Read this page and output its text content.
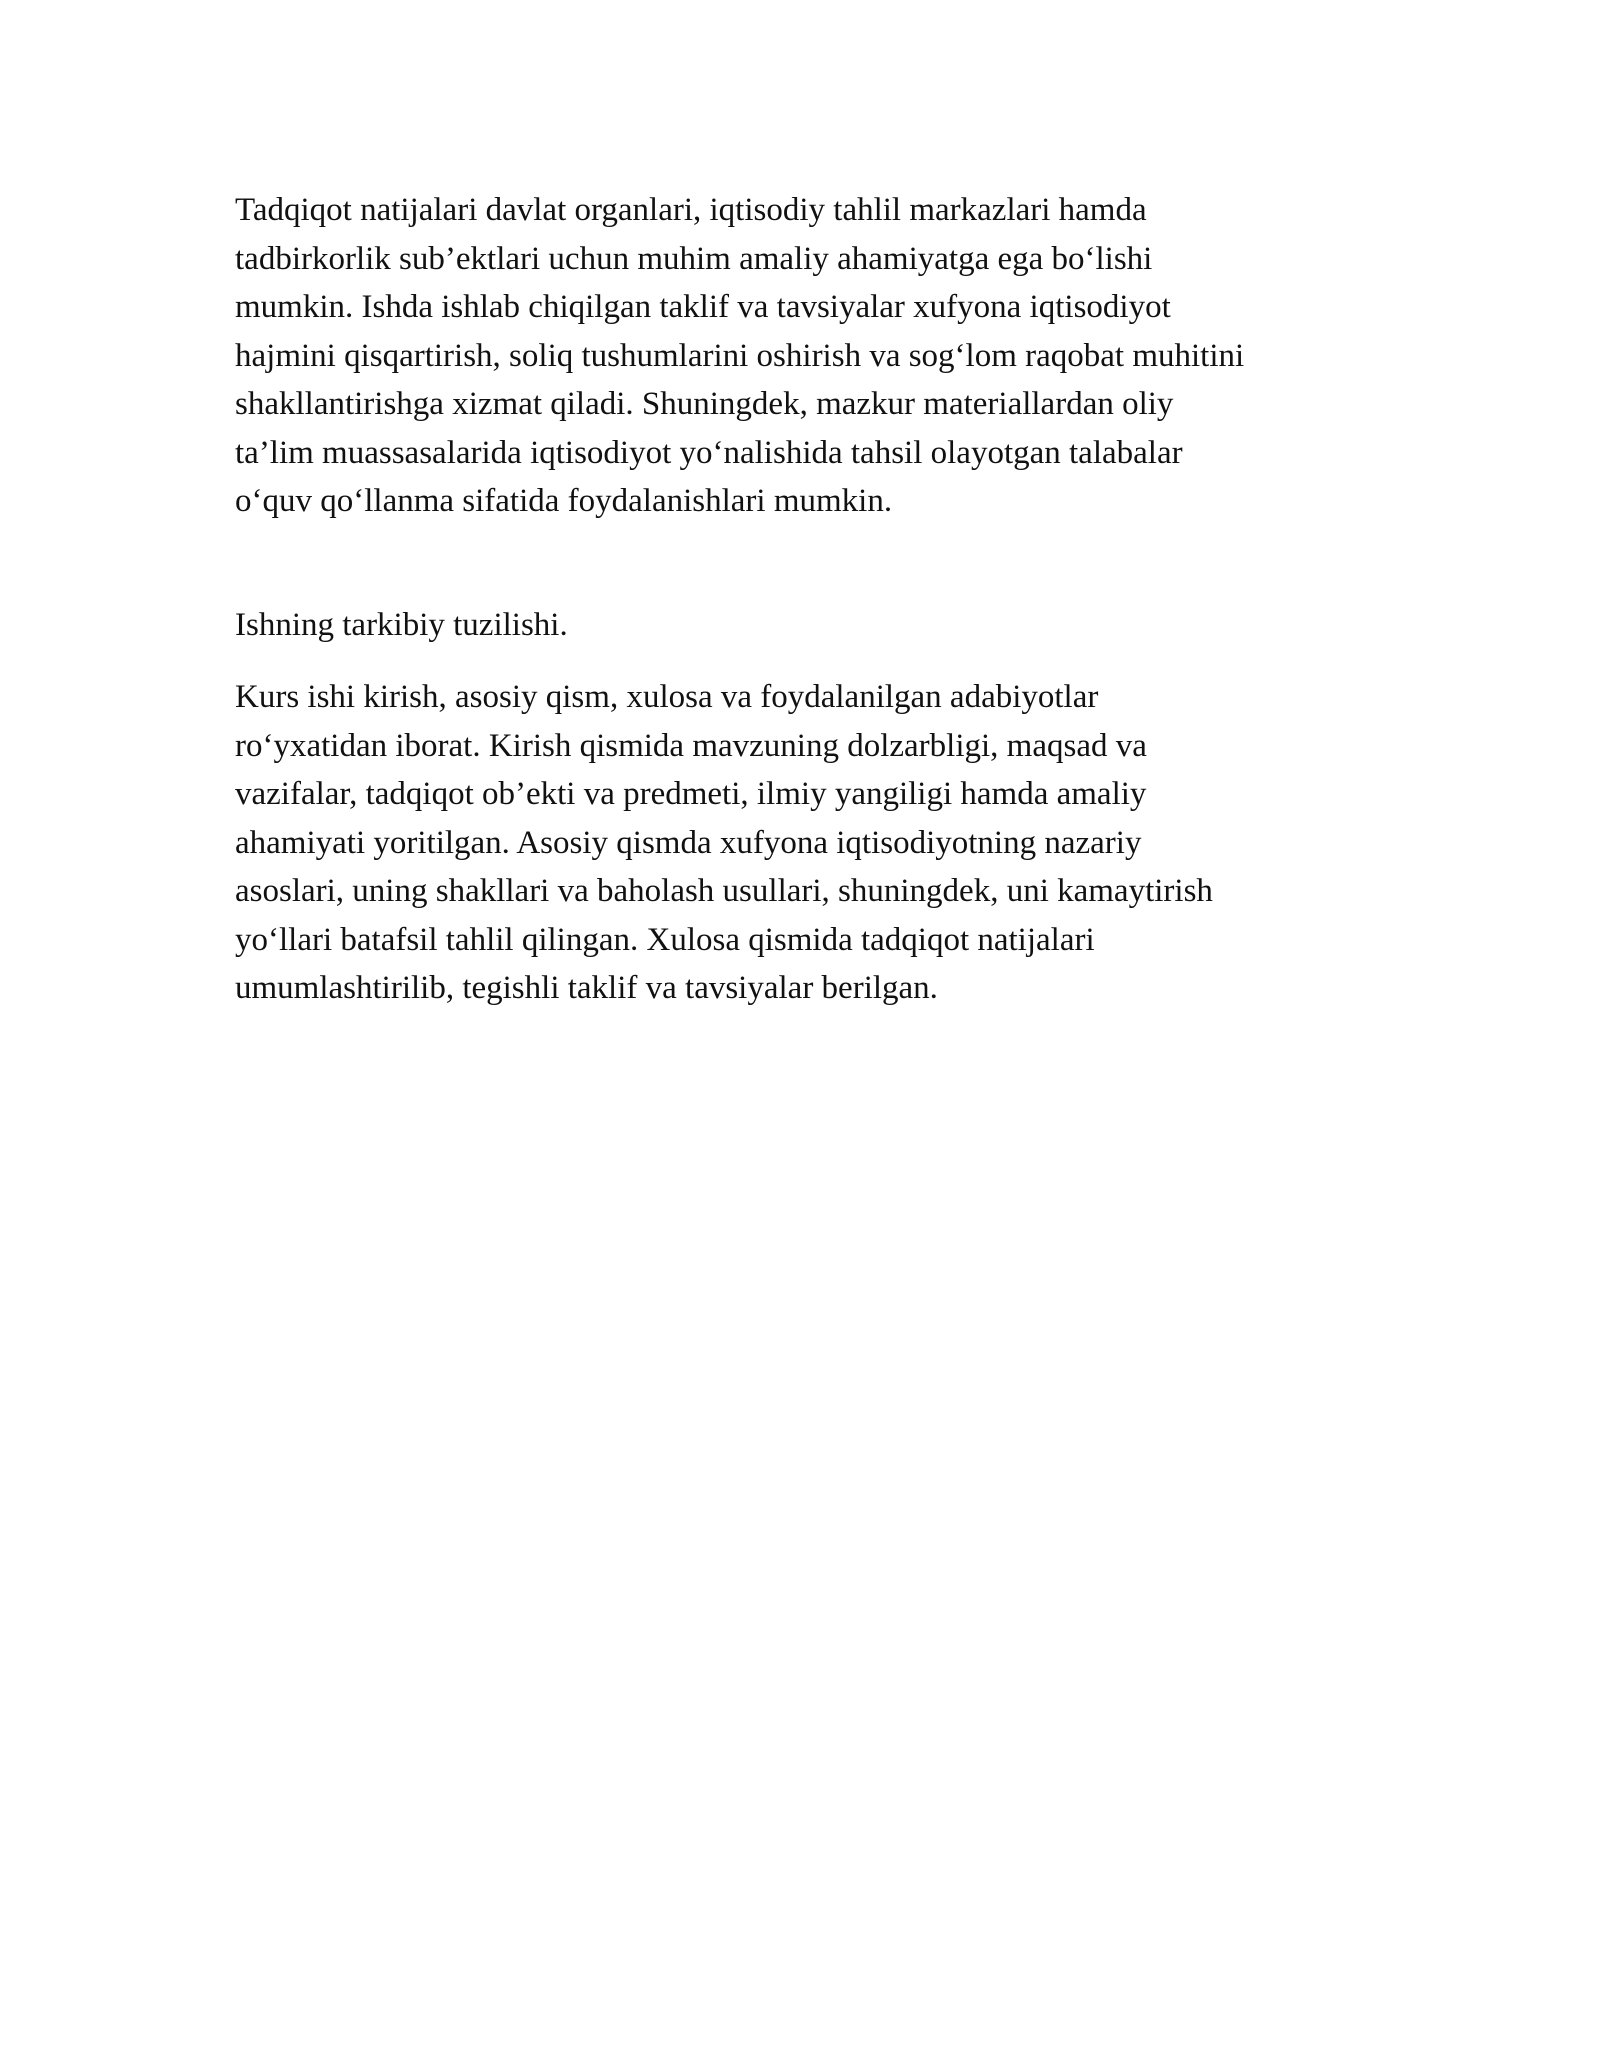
Tadqiqot natijalari davlat organlari, iqtisodiy tahlil markazlari hamda
tadbirkorlik sub’ektlari uchun muhim amaliy ahamiyatga ega bo‘lishi
mumkin. Ishda ishlab chiqilgan taklif va tavsiyalar xufyona iqtisodiyot
hajmini qisqartirish, soliq tushumlarini oshirish va sog‘lom raqobat muhitini
shakllantirishga xizmat qiladi. Shuningdek, mazkur materiallardan oliy
ta’lim muassasalarida iqtisodiyot yo‘nalishida tahsil olayotgan talabalar
o‘quv qo‘llanma sifatida foydalanishlari mumkin.

Ishning tarkibiy tuzilishi.

Kurs ishi kirish, asosiy qism, xulosa va foydalanilgan adabiyotlar
ro‘yxatidan iborat. Kirish qismida mavzuning dolzarbligi, maqsad va
vazifalar, tadqiqot ob’ekti va predmeti, ilmiy yangiligi hamda amaliy
ahamiyati yoritilgan. Asosiy qismda xufyona iqtisodiyotning nazariy
asoslari, uning shakllari va baholash usullari, shuningdek, uni kamaytirish
yo‘llari batafsil tahlil qilingan. Xulosa qismida tadqiqot natijalari
umumlashtirilib, tegishli taklif va tavsiyalar berilgan.
